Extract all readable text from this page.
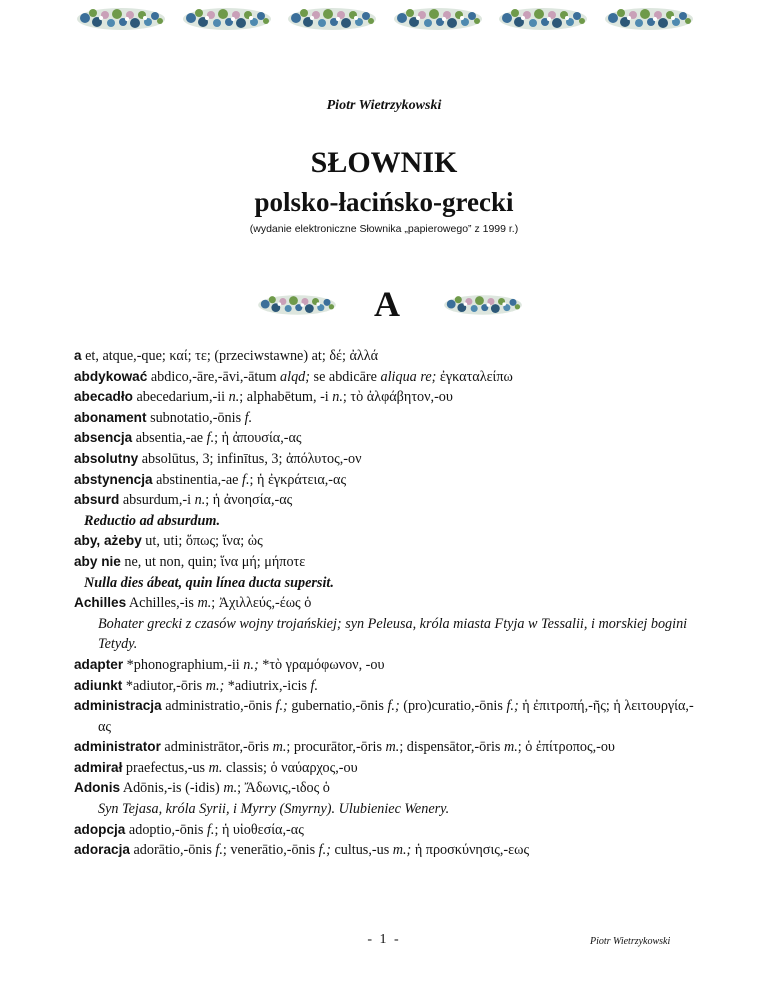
Piotr Wietrzykowski
SŁOWNIK
polsko-łacińsko-grecki
(wydanie elektroniczne Słownika „papierowego” z 1999 r.)
A

a et, atque,-que; καί; τε; (przeciwstawne) at; δέ; ἀλλά

abdykować abdico,-āre,-āvi,-ātum alqd; se abdicāre aliqua re; ἐγκαταλείπω

abecadło abecedarium,-ii n.; alphabētum, -i n.; τὸ ἀλφάβητον,-ου

abonament subnotatio,-ōnis f.

absencja absentia,-ae f.; ἡ ἀπουσία,-ας

absolutny absolūtus, 3; infinītus, 3; ἀπόλυτος,-ον

abstynencja abstinentia,-ae f.; ἡ ἐγκράτεια,-ας

absurd absurdum,-i n.; ἡ ἀνοησία,-ας

Reductio ad absurdum.

aby, ażeby ut, uti; ὅπως; ἵνα; ὡς

aby nie ne, ut non, quin; ἵνα μή; μήποτε

Nulla dies ábeat, quin línea ducta supersit.

Achilles Achilles,-is m.; Ἀχιλλεύς,-έως ὁ

Bohater grecki z czasów wojny trojańskiej; syn Peleusa, króla miasta Ftyja w Tessalii, i morskiej bogini Tetydy.

adapter *phonographium,-ii n.; *τὸ γραμόφωνον, -ου

adiunkt *adiutor,-ōris m.; *adiutrix,-icis f.

administracja administratio,-ōnis f.; gubernatio,-ōnis f.; (pro)curatio,-ōnis f.; ἡ ἐπιτροπή,-ῆς; ἡ λειτουργία,-ας

administrator administrātor,-ōris m.; procurātor,-ōris m.; dispensātor,-ōris m.; ὁ ἐπίτροπος,-ου

admirał praefectus,-us m. classis; ὁ ναύαρχος,-ου

Adonis Adōnis,-is (-idis) m.; Ἄδωνις,-ιδος ὁ

Syn Tejasa, króla Syrii, i Myrry (Smyrny). Ulubieniec Wenery.

adopcja adoptio,-ōnis f.; ἡ υἱοθεσία,-ας

adoracja adorātio,-ōnis f.; venerātio,-ōnis f.; cultus,-us m.; ἡ προσκύνησις,-εως

- 1 -	Piotr Wietrzykowski
